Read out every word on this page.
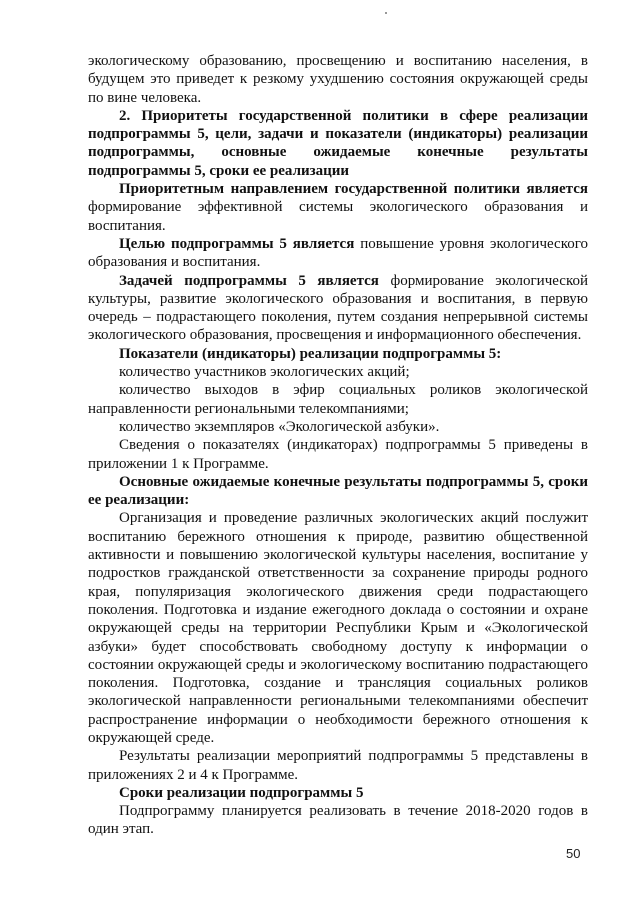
экологическому образованию, просвещению и воспитанию населения, в будущем это приведет к резкому ухудшению состояния окружающей среды по вине человека.

2. Приоритеты государственной политики в сфере реализации подпрограммы 5, цели, задачи и показатели (индикаторы) реализации подпрограммы, основные ожидаемые конечные результаты подпрограммы 5, сроки ее реализации

Приоритетным направлением государственной политики является формирование эффективной системы экологического образования и воспитания.

Целью подпрограммы 5 является повышение уровня экологического образования и воспитания.

Задачей подпрограммы 5 является формирование экологической культуры, развитие экологического образования и воспитания, в первую очередь – подрастающего поколения, путем создания непрерывной системы экологического образования, просвещения и информационного обеспечения.

Показатели (индикаторы) реализации подпрограммы 5:

количество участников экологических акций;

количество выходов в эфир социальных роликов экологической направленности региональными телекомпаниями;

количество экземпляров «Экологической азбуки».

Сведения о показателях (индикаторах) подпрограммы 5 приведены в приложении 1 к Программе.

Основные ожидаемые конечные результаты подпрограммы 5, сроки ее реализации:

Организация и проведение различных экологических акций послужит воспитанию бережного отношения к природе, развитию общественной активности и повышению экологической культуры населения, воспитание у подростков гражданской ответственности за сохранение природы родного края, популяризация экологического движения среди подрастающего поколения. Подготовка и издание ежегодного доклада о состоянии и охране окружающей среды на территории Республики Крым и «Экологической азбуки» будет способствовать свободному доступу к информации о состоянии окружающей среды и экологическому воспитанию подрастающего поколения. Подготовка, создание и трансляция социальных роликов экологической направленности региональными телекомпаниями обеспечит распространение информации о необходимости бережного отношения к окружающей среде.

Результаты реализации мероприятий подпрограммы 5 представлены в приложениях 2 и 4 к Программе.

Сроки реализации подпрограммы 5

Подпрограмму планируется реализовать в течение 2018-2020 годов в один этап.

50
